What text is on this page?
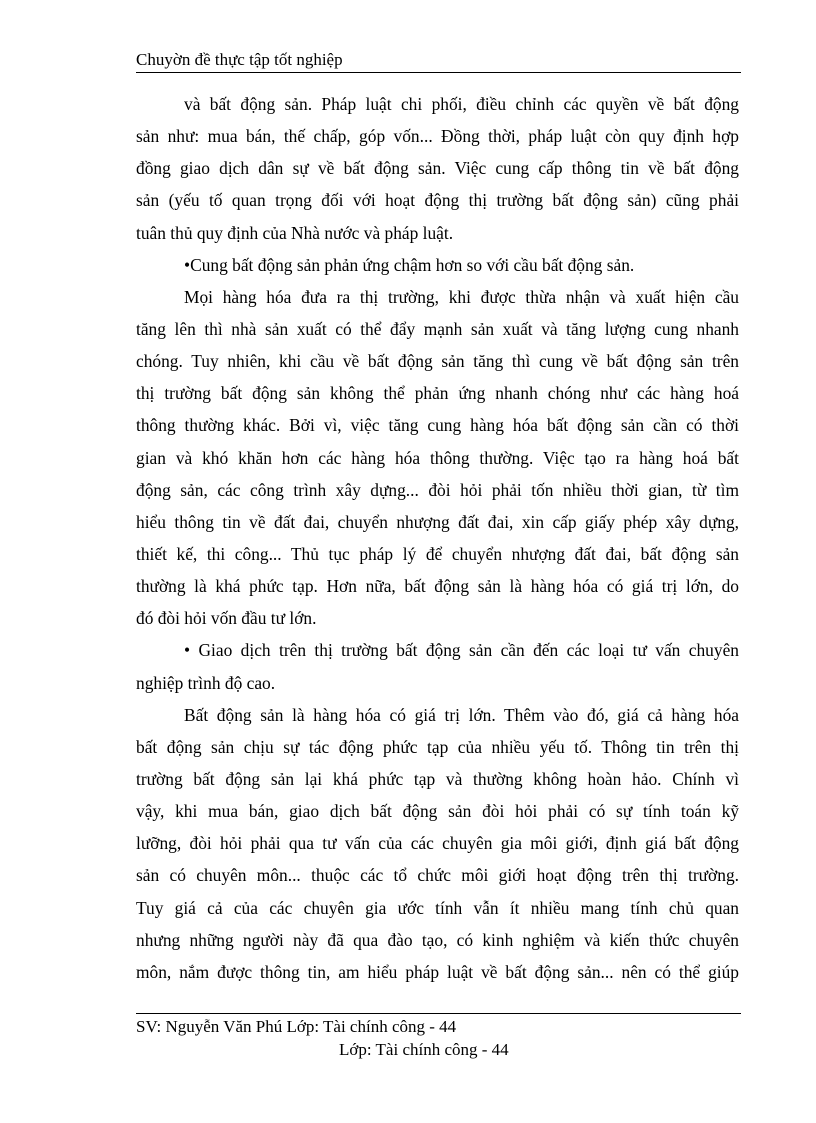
Chuyờn đề thực tập tốt nghiệp
và bất động sản. Pháp luật chi phối, điều chỉnh các quyền về bất động
sản như: mua bán, thế chấp, góp vốn... Đồng thời, pháp luật còn quy định hợp
đồng giao dịch dân sự về bất động sản. Việc cung cấp thông tin về bất động
sản (yếu tố quan trọng đối với hoạt động thị trường bất động sản) cũng phải
tuân thủ quy định của Nhà nước và pháp luật.
•Cung bất động sản phản ứng chậm hơn so với cầu bất động sản.
Mọi hàng hóa đưa ra thị trường, khi được thừa nhận và xuất hiện cầu
tăng lên thì nhà sản xuất có thể đẩy mạnh sản xuất và tăng lượng cung nhanh
chóng. Tuy nhiên, khi cầu về bất động sản tăng thì cung về bất động sản trên
thị trường bất động sản không thể phản ứng nhanh chóng như các hàng hoá
thông thường khác. Bởi vì, việc tăng cung hàng hóa bất động sản cần có thời
gian và khó khăn hơn các hàng hóa thông thường. Việc tạo ra hàng hoá bất
động sản, các công trình xây dựng... đòi hỏi phải tốn nhiều thời gian, từ tìm
hiểu thông tin về đất đai, chuyển nhượng đất đai, xin cấp giấy phép xây dựng,
thiết kế, thi công... Thủ tục pháp lý để chuyển nhượng đất đai, bất động sản
thường là khá phức tạp. Hơn nữa, bất động sản là hàng hóa có giá trị lớn, do
đó đòi hỏi vốn đầu tư lớn.
• Giao dịch trên thị trường bất động sản cần đến các loại tư vấn chuyên
nghiệp trình độ cao.
Bất động sản là hàng hóa có giá trị lớn. Thêm vào đó, giá cả hàng hóa
bất động sản chịu sự tác động phức tạp của nhiều yếu tố. Thông tin trên thị
trường bất động sản lại khá phức tạp và thường không hoàn hảo. Chính vì
vậy, khi mua bán, giao dịch bất động sản đòi hỏi phải có sự tính toán kỹ
lưỡng, đòi hỏi phải qua tư vấn của các chuyên gia môi giới, định giá bất động
sản có chuyên môn... thuộc các tổ chức môi giới hoạt động trên thị trường.
Tuy giá cả của các chuyên gia ước tính vẫn ít nhiều mang tính chủ quan
nhưng những người này đã qua đào tạo, có kinh nghiệm và kiến thức chuyên
môn, nắm được thông tin, am hiểu pháp luật về bất động sản... nên có thể giúp
SV: Nguyễn Văn Phú Lớp: Tài chính công - 44
Lớp: Tài chính công - 44
